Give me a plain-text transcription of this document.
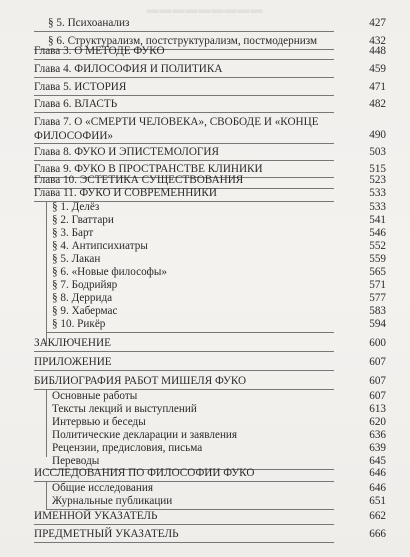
▬▬▬▬▬▬▬▬▬
§ 5. Психоанализ	427
§ 6. Структурализм, постструктурализм, постмодернизм	432
Глава 3. О МЕТОДЕ ФУКО	448
Глава 4. ФИЛОСОФИЯ И ПОЛИТИКА	459
Глава 5. ИСТОРИЯ	471
Глава 6. ВЛАСТЬ	482
Глава 7. О «СМЕРТИ ЧЕЛОВЕКА», СВОБОДЕ И «КОНЦЕ ФИЛОСОФИИ»	490
Глава 8. ФУКО И ЭПИСТЕМОЛОГИЯ	503
Глава 9. ФУКО В ПРОСТРАНСТВЕ КЛИНИКИ	515
Глава 10. ЭСТЕТИКА СУЩЕСТВОВАНИЯ	523
Глава 11. ФУКО И СОВРЕМЕННИКИ	533
§ 1. Делёз	533
§ 2. Гваттари	541
§ 3. Барт	546
§ 4. Антипсихиатры	552
§ 5. Лакан	559
§ 6. «Новые философы»	565
§ 7. Бодрийяр	571
§ 8. Деррида	577
§ 9. Хабермас	583
§ 10. Рикёр	594
ЗАКЛЮЧЕНИЕ	600
ПРИЛОЖЕНИЕ	607
БИБЛИОГРАФИЯ РАБОТ МИШЕЛЯ ФУКО	607
Основные работы	607
Тексты лекций и выступлений	613
Интервью и беседы	620
Политические декларации и заявления	636
Рецензии, предисловия, письма	639
Переводы	645
ИССЛЕДОВАНИЯ ПО ФИЛОСОФИИ ФУКО	646
Общие исследования	646
Журнальные публикации	651
ИМЕННОЙ УКАЗАТЕЛЬ	662
ПРЕДМЕТНЫЙ УКАЗАТЕЛЬ	666
